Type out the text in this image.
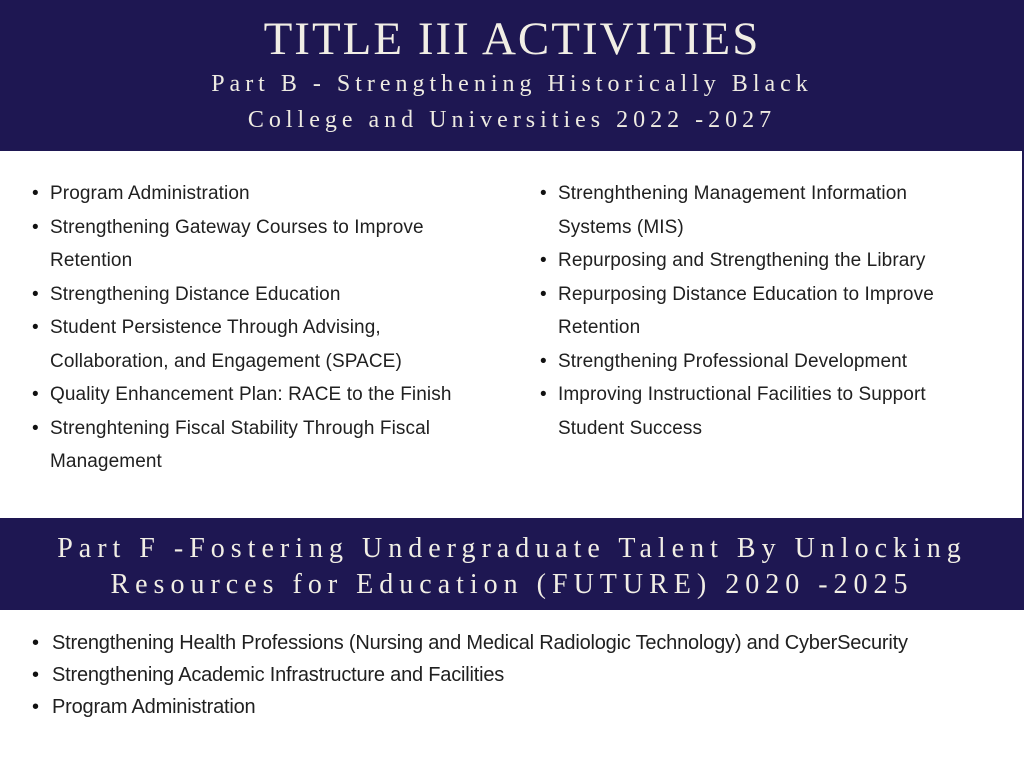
TITLE III ACTIVITIES
Part B - Strengthening Historically Black
College and Universities 2022 -2027
• Program Administration
• Strengthening Gateway Courses to Improve Retention
• Strengthening Distance Education
• Student Persistence Through Advising, Collaboration, and Engagement (SPACE)
• Quality Enhancement Plan: RACE to the Finish
• Strenghtening Fiscal Stability Through Fiscal Management
• Strenghthening Management Information Systems (MIS)
• Repurposing and Strengthening the Library
• Repurposing Distance Education to Improve Retention
• Strengthening Professional Development
• Improving Instructional Facilities to Support Student Success
Part F -Fostering Undergraduate Talent By Unlocking
Resources for Education (FUTURE) 2020 -2025
• Strengthening Health Professions (Nursing and Medical Radiologic Technology) and CyberSecurity
• Strengthening Academic Infrastructure and Facilities
• Program Administration
